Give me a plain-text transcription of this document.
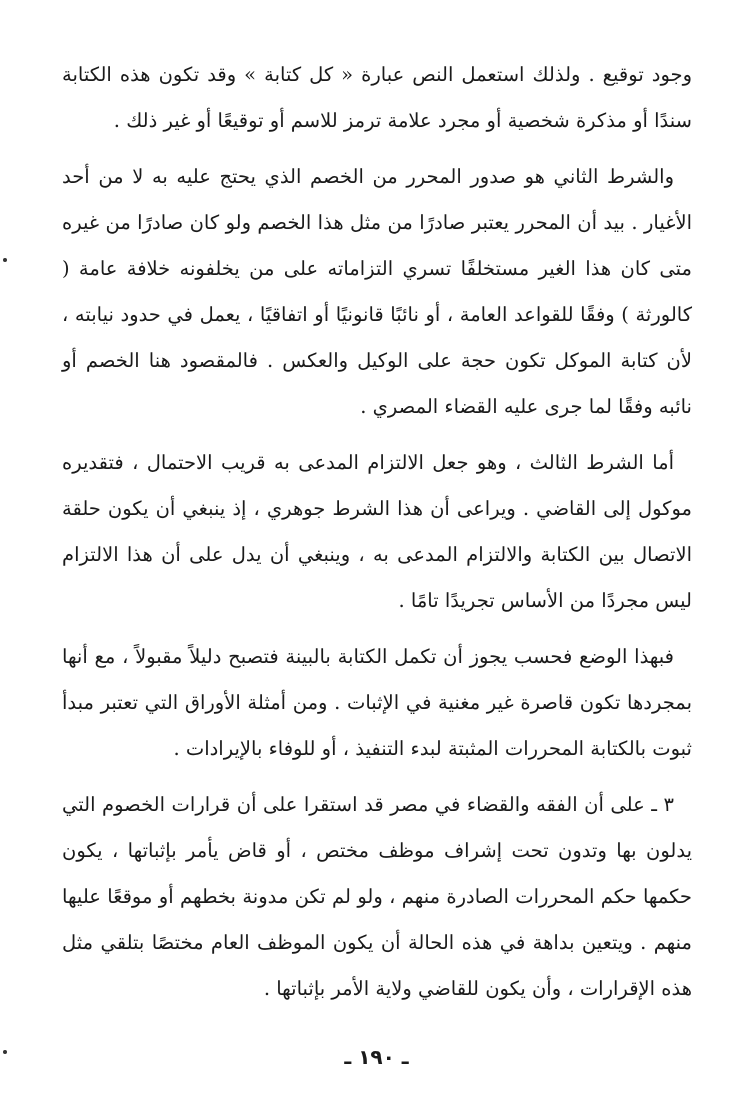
وجود توقيع . ولذلك استعمل النص عبارة « كل كتابة » وقد تكون هذه الكتابة سندًا أو مذكرة شخصية أو مجرد علامة ترمز للاسم أو توقيعًا أو غير ذلك .

والشرط الثاني هو صدور المحرر من الخصم الذي يحتج عليه به لا من أحد الأغيار . بيد أن المحرر يعتبر صادرًا من مثل هذا الخصم ولو كان صادرًا من غيره متى كان هذا الغير مستخلفًا تسري التزاماته على من يخلفونه خلافة عامة ( كالورثة ) وفقًا للقواعد العامة ، أو نائبًا قانونيًا أو اتفاقيًا ، يعمل في حدود نيابته ، لأن كتابة الموكل تكون حجة على الوكيل والعكس . فالمقصود هنا الخصم أو نائبه وفقًا لما جرى عليه القضاء المصري .

أما الشرط الثالث ، وهو جعل الالتزام المدعى به قريب الاحتمال ، فتقديره موكول إلى القاضي . ويراعى أن هذا الشرط جوهري ، إذ ينبغي أن يكون حلقة الاتصال بين الكتابة والالتزام المدعى به ، وينبغي أن يدل على أن هذا الالتزام ليس مجردًا من الأساس تجريدًا تامًا .

فبهذا الوضع فحسب يجوز أن تكمل الكتابة بالبينة فتصبح دليلاً مقبولاً ، مع أنها بمجردها تكون قاصرة غير مغنية في الإثبات . ومن أمثلة الأوراق التي تعتبر مبدأ ثبوت بالكتابة المحررات المثبتة لبدء التنفيذ ، أو للوفاء بالإيرادات .

٣ ـ على أن الفقه والقضاء في مصر قد استقرا على أن قرارات الخصوم التي يدلون بها وتدون تحت إشراف موظف مختص ، أو قاض يأمر بإثباتها ، يكون حكمها حكم المحررات الصادرة منهم ، ولو لم تكن مدونة بخطهم أو موقعًا عليها منهم . ويتعين بداهة في هذه الحالة أن يكون الموظف العام مختصًا بتلقي مثل هذه الإقرارات ، وأن يكون للقاضي ولاية الأمر بإثباتها .

ـ ١٩٠ ـ
